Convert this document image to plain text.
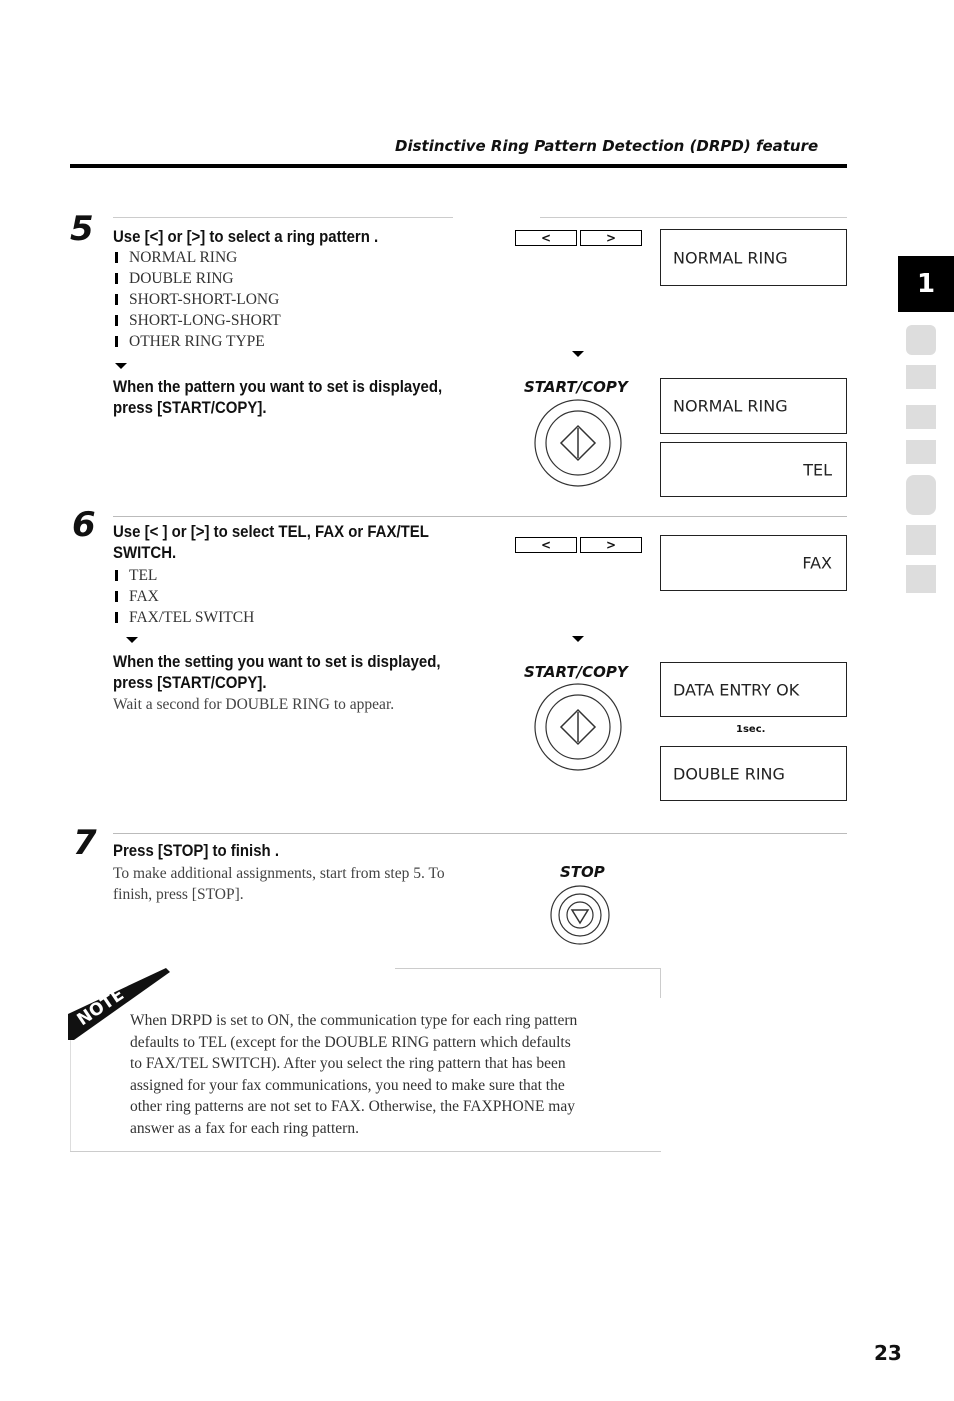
Distinctive Ring Pattern Detection (DRPD) feature
1
5 Use [<] or [>] to select a ring pattern .
NORMAL RING
DOUBLE RING
SHORT-SHORT-LONG
SHORT-LONG-SHORT
OTHER RING TYPE
When the pattern you want to set is displayed,
press [START/COPY].
<	>
NORMAL RING
START/COPY
NORMAL RING
TEL
6 Use [< ] or [>] to select TEL, FAX or FAX/TEL
SWITCH.
TEL
FAX
FAX/TEL SWITCH
When the setting you want to set is displayed,
press [START/COPY].
Wait a second for DOUBLE RING to appear.
<	>
FAX
START/COPY
DATA ENTRY OK
1sec.
DOUBLE RING
7 Press [STOP] to finish .
To make additional assignments, start from step 5. To
finish, press [STOP].
STOP
NOTE When DRPD is set to ON, the communication type for each ring pattern
defaults to TEL (except for the DOUBLE RING pattern which defaults
to FAX/TEL SWITCH). After you select the ring pattern that has been
assigned for your fax communications, you need to make sure that the
other ring patterns are not set to FAX. Otherwise, the FAXPHONE may
answer as a fax for each ring pattern.
23
